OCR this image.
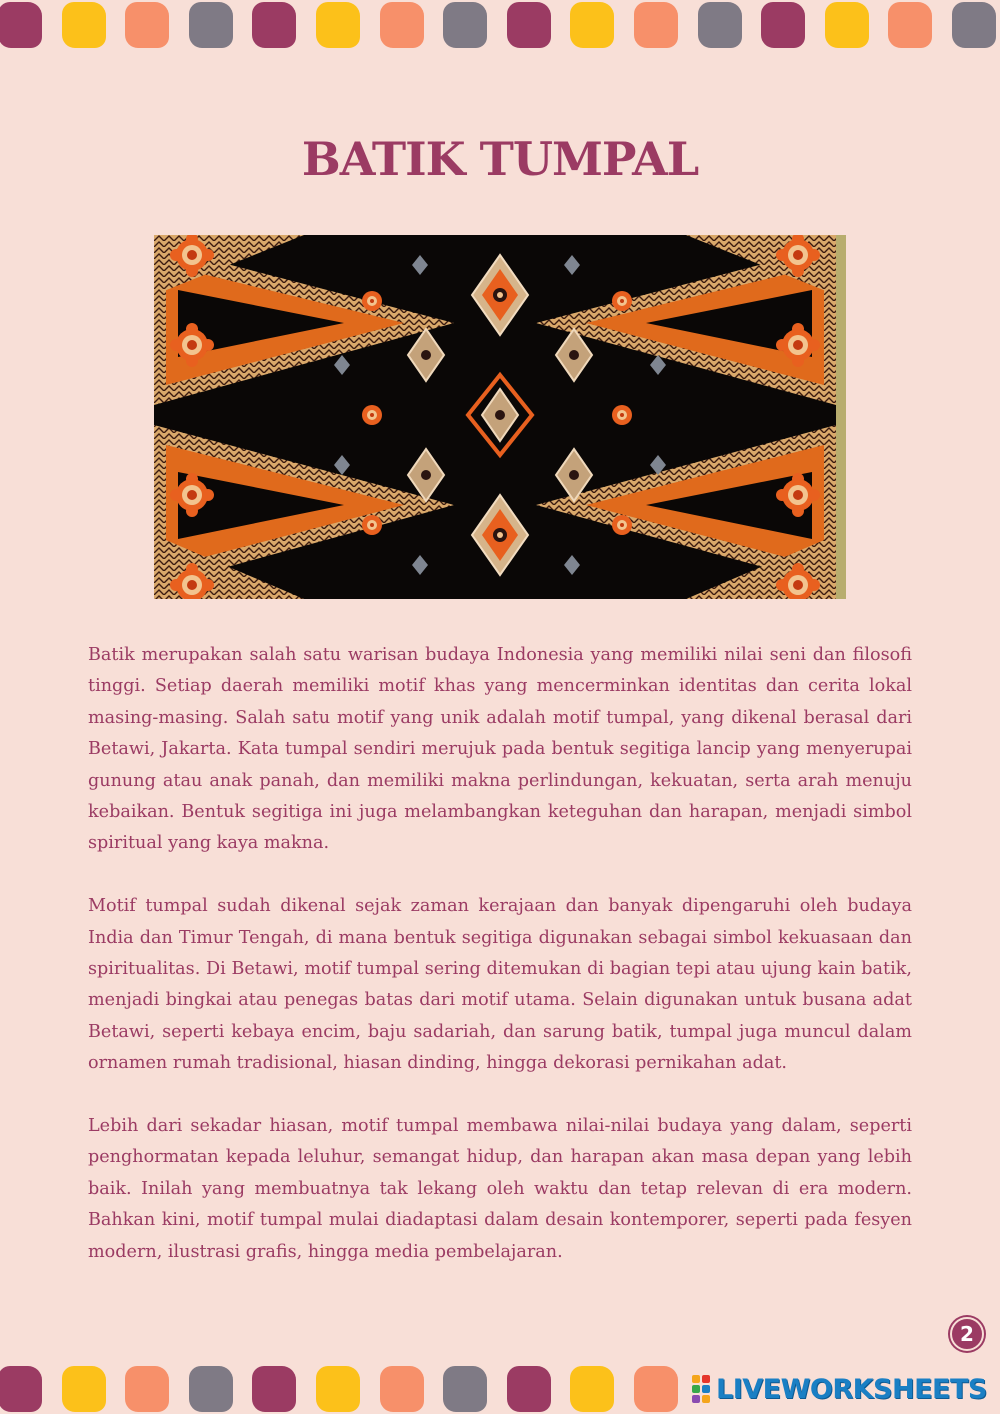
BATIK TUMPAL

Batik merupakan salah satu warisan budaya Indonesia yang memiliki nilai seni dan filosofi tinggi. Setiap daerah memiliki motif khas yang mencerminkan identitas dan cerita lokal masing-masing. Salah satu motif yang unik adalah motif tumpal, yang dikenal berasal dari Betawi, Jakarta. Kata tumpal sendiri merujuk pada bentuk segitiga lancip yang menyerupai gunung atau anak panah, dan memiliki makna perlindungan, kekuatan, serta arah menuju kebaikan. Bentuk segitiga ini juga melambangkan keteguhan dan harapan, menjadi simbol spiritual yang kaya makna.

Motif tumpal sudah dikenal sejak zaman kerajaan dan banyak dipengaruhi oleh budaya India dan Timur Tengah, di mana bentuk segitiga digunakan sebagai simbol kekuasaan dan spiritualitas. Di Betawi, motif tumpal sering ditemukan di bagian tepi atau ujung kain batik, menjadi bingkai atau penegas batas dari motif utama. Selain digunakan untuk busana adat Betawi, seperti kebaya encim, baju sadariah, dan sarung batik, tumpal juga muncul dalam ornamen rumah tradisional, hiasan dinding, hingga dekorasi pernikahan adat.

Lebih dari sekadar hiasan, motif tumpal membawa nilai-nilai budaya yang dalam, seperti penghormatan kepada leluhur, semangat hidup, dan harapan akan masa depan yang lebih baik. Inilah yang membuatnya tak lekang oleh waktu dan tetap relevan di era modern. Bahkan kini, motif tumpal mulai diadaptasi dalam desain kontemporer, seperti pada fesyen modern, ilustrasi grafis, hingga media pembelajaran.

2
LIVEWORKSHEETS
